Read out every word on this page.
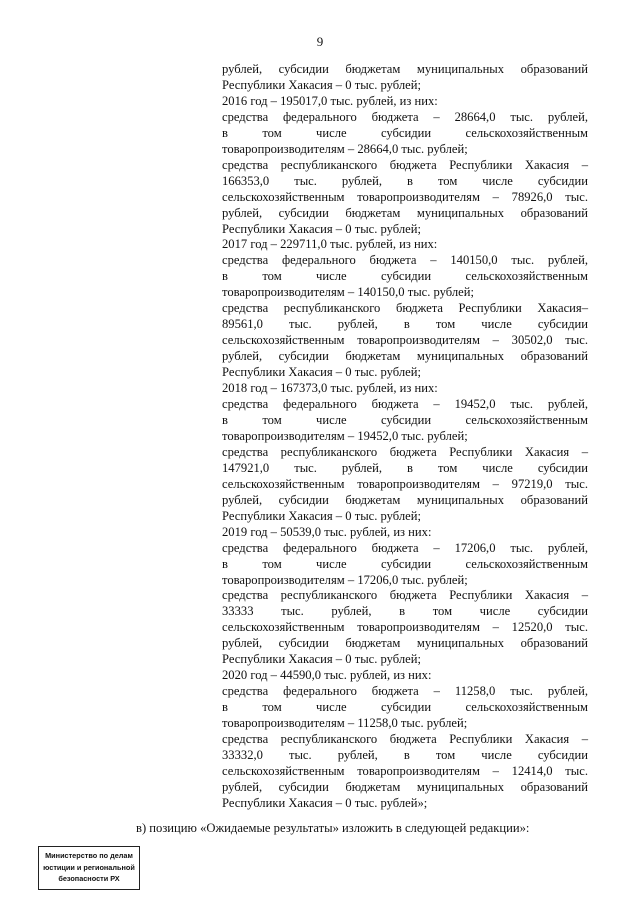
9
рублей, субсидии бюджетам муниципальных образований
Республики Хакасия – 0 тыс. рублей;
2016 год – 195017,0 тыс. рублей, из них:
средства федерального бюджета – 28664,0 тыс. рублей,
в том числе субсидии сельскохозяйственным
товаропроизводителям – 28664,0 тыс. рублей;
средства республиканского бюджета Республики Хакасия –
166353,0 тыс. рублей, в том числе субсидии
сельскохозяйственным товаропроизводителям – 78926,0 тыс.
рублей, субсидии бюджетам муниципальных образований
Республики Хакасия – 0 тыс. рублей;
2017 год – 229711,0 тыс. рублей, из них:
средства федерального бюджета – 140150,0 тыс. рублей,
в том числе субсидии сельскохозяйственным
товаропроизводителям – 140150,0 тыс. рублей;
средства республиканского бюджета Республики Хакасия–
89561,0 тыс. рублей, в том числе субсидии
сельскохозяйственным товаропроизводителям – 30502,0 тыс.
рублей, субсидии бюджетам муниципальных образований
Республики Хакасия – 0 тыс. рублей;
2018 год – 167373,0 тыс. рублей, из них:
средства федерального бюджета – 19452,0 тыс. рублей,
в том числе субсидии сельскохозяйственным
товаропроизводителям – 19452,0 тыс. рублей;
средства республиканского бюджета Республики Хакасия –
147921,0 тыс. рублей, в том числе субсидии
сельскохозяйственным товаропроизводителям – 97219,0 тыс.
рублей, субсидии бюджетам муниципальных образований
Республики Хакасия – 0 тыс. рублей;
2019 год – 50539,0 тыс. рублей, из них:
средства федерального бюджета – 17206,0 тыс. рублей,
в том числе субсидии сельскохозяйственным
товаропроизводителям – 17206,0 тыс. рублей;
средства республиканского бюджета Республики Хакасия –
33333 тыс. рублей, в том числе субсидии
сельскохозяйственным товаропроизводителям – 12520,0 тыс.
рублей, субсидии бюджетам муниципальных образований
Республики Хакасия – 0 тыс. рублей;
2020 год – 44590,0 тыс. рублей, из них:
средства федерального бюджета – 11258,0 тыс. рублей,
в том числе субсидии сельскохозяйственным
товаропроизводителям – 11258,0 тыс. рублей;
средства республиканского бюджета Республики Хакасия –
33332,0 тыс. рублей, в том числе субсидии
сельскохозяйственным товаропроизводителям – 12414,0 тыс.
рублей, субсидии бюджетам муниципальных образований
Республики Хакасия – 0 тыс. рублей»;
в) позицию «Ожидаемые результаты» изложить в следующей редакции»:
Министерство по делам
юстиции и региональной
безопасности РХ
